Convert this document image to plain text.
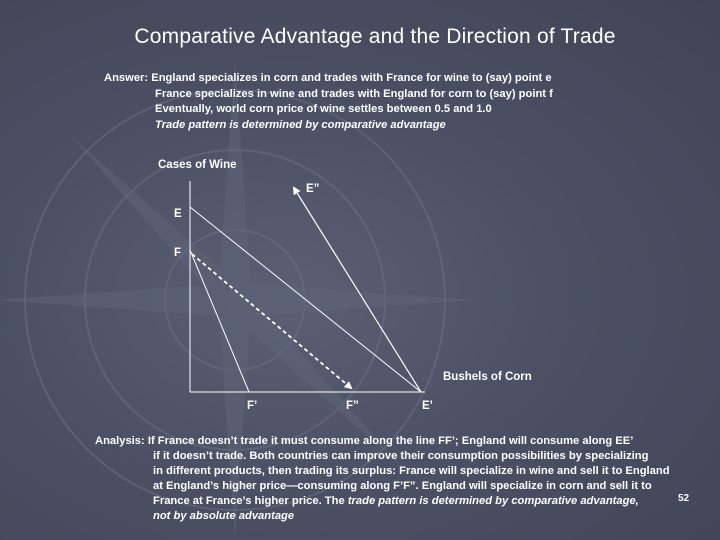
Comparative Advantage and the Direction of Trade
Answer: England specializes in corn and trades with France for wine to (say) point e
France specializes in wine and trades with England for corn to (say) point f
Eventually, world corn price of wine settles between 0.5 and 1.0
Trade pattern is determined by comparative advantage
Cases of Wine
Bushels of Corn
E”
E
F
F’	F”	E’
Analysis: If France doesn’t trade it must consume along the line FF’; England will consume along EE’
if it doesn’t trade. Both countries can improve their consumption possibilities by specializing
in different products, then trading its surplus: France will specialize in wine and sell it to England
at England’s higher price—consuming along F’F”. England will specialize in corn and sell it to
France at France’s higher price. The trade pattern is determined by comparative advantage,
not by absolute advantage
52
